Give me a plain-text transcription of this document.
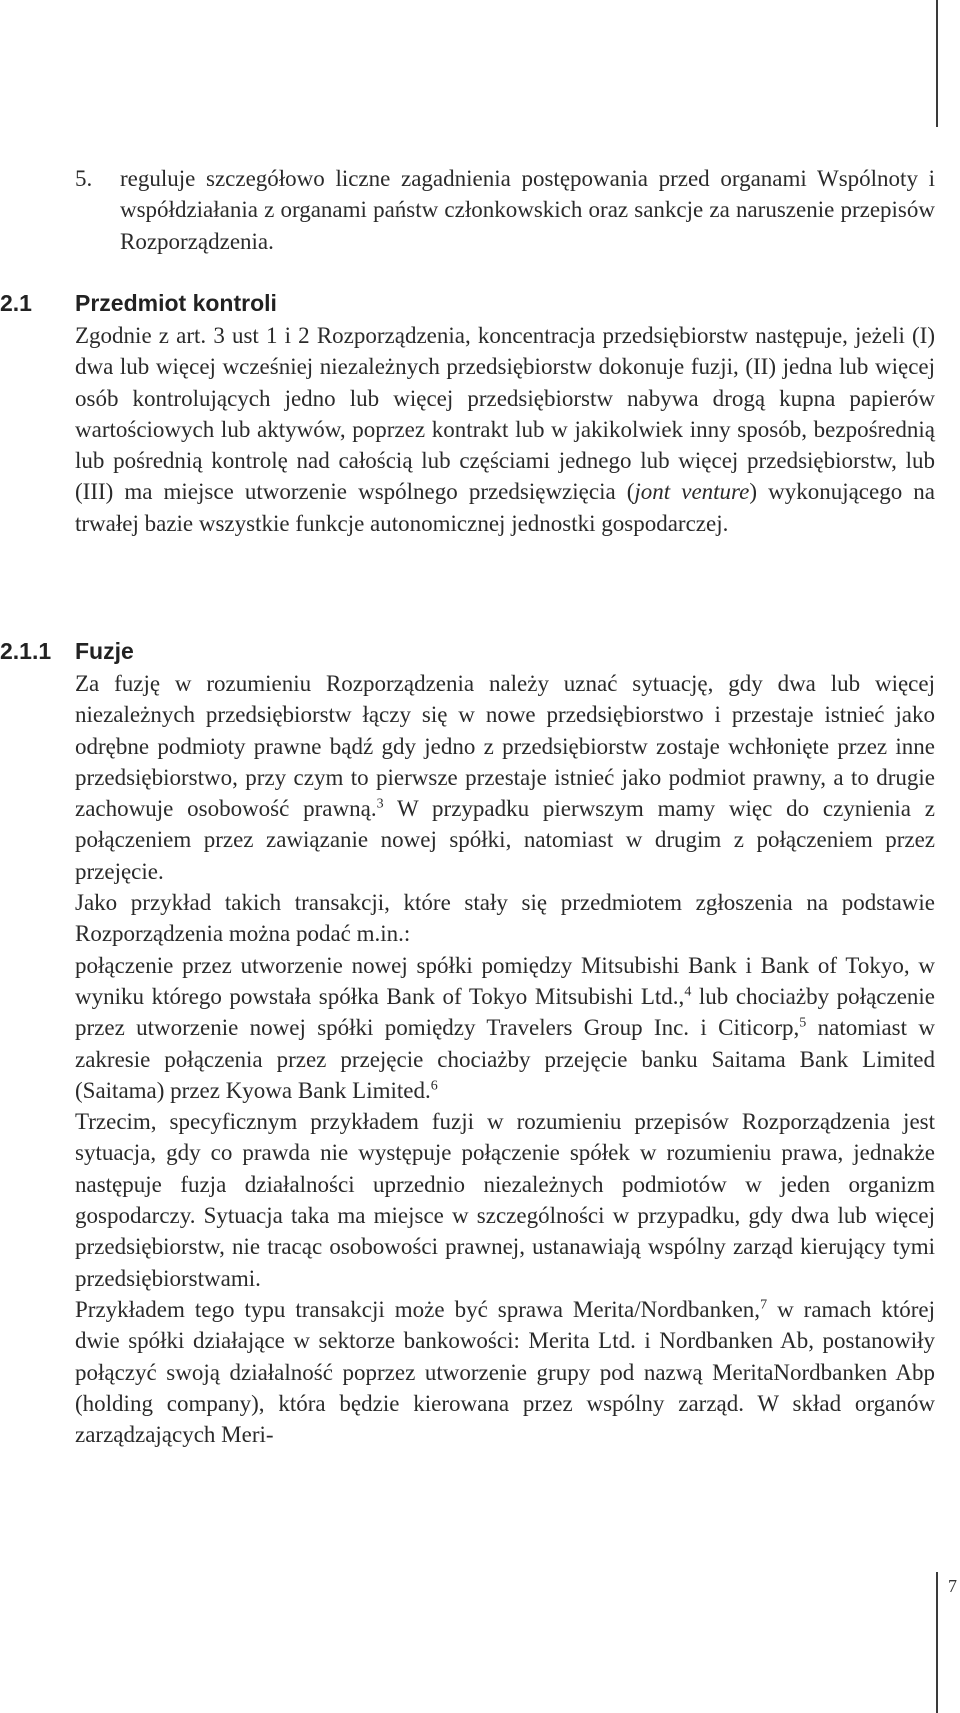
7
5. reguluje szczegółowo liczne zagadnienia postępowania przed organami Wspólnoty i współdziałania z organami państw członkowskich oraz sankcje za naruszenie przepisów Rozporządzenia.

2.1 Przedmiot kontroli

Zgodnie z art. 3 ust 1 i 2 Rozporządzenia, koncentracja przedsiębiorstw następuje, jeżeli (I) dwa lub więcej wcześniej niezależnych przedsiębiorstw dokonuje fuzji, (II) jedna lub więcej osób kontrolujących jedno lub więcej przedsiębiorstw nabywa drogą kupna papierów wartościowych lub aktywów, poprzez kontrakt lub w jakikolwiek inny sposób, bezpośrednią lub pośrednią kontrolę nad całością lub częściami jednego lub więcej przedsiębiorstw, lub (III) ma miejsce utworzenie wspólnego przedsięwzięcia (jont venture) wykonującego na trwałej bazie wszystkie funkcje autonomicznej jednostki gospodarczej.

2.1.1 Fuzje

Za fuzję w rozumieniu Rozporządzenia należy uznać sytuację, gdy dwa lub więcej niezależnych przedsiębiorstw łączy się w nowe przedsiębiorstwo i przestaje istnieć jako odrębne podmioty prawne bądź gdy jedno z przedsiębiorstw zostaje wchłonięte przez inne przedsiębiorstwo, przy czym to pierwsze przestaje istnieć jako podmiot prawny, a to drugie zachowuje osobowość prawną.$^3$ W przypadku pierwszym mamy więc do czynienia z połączeniem przez zawiązanie nowej spółki, natomiast w drugim z połączeniem przez przejęcie.

Jako przykład takich transakcji, które stały się przedmiotem zgłoszenia na podstawie Rozporządzenia można podać m.in.:

połączenie przez utworzenie nowej spółki pomiędzy Mitsubishi Bank i Bank of Tokyo, w wyniku którego powstała spółka Bank of Tokyo Mitsubishi Ltd.,$^4$ lub chociażby połączenie przez utworzenie nowej spółki pomiędzy Travelers Group Inc. i Citicorp,$^5$ natomiast w zakresie połączenia przez przejęcie chociażby przejęcie banku Saitama Bank Limited (Saitama) przez Kyowa Bank Limited.$^6$

Trzecim, specyficznym przykładem fuzji w rozumieniu przepisów Rozporządzenia jest sytuacja, gdy co prawda nie występuje połączenie spółek w rozumieniu prawa, jednakże następuje fuzja działalności uprzednio niezależnych podmiotów w jeden organizm gospodarczy. Sytuacja taka ma miejsce w szczególności w przypadku, gdy dwa lub więcej przedsiębiorstw, nie tracąc osobowości prawnej, ustanawiają wspólny zarząd kierujący tymi przedsiębiorstwami.

Przykładem tego typu transakcji może być sprawa Merita/Nordbanken,$^7$ w ramach której dwie spółki działające w sektorze bankowości: Merita Ltd. i Nordbanken Ab, postanowiły połączyć swoją działalność poprzez utworzenie grupy pod nazwą MeritaNordbanken Abp (holding company), która będzie kierowana przez wspólny zarząd. W skład organów zarządzających Meri-
